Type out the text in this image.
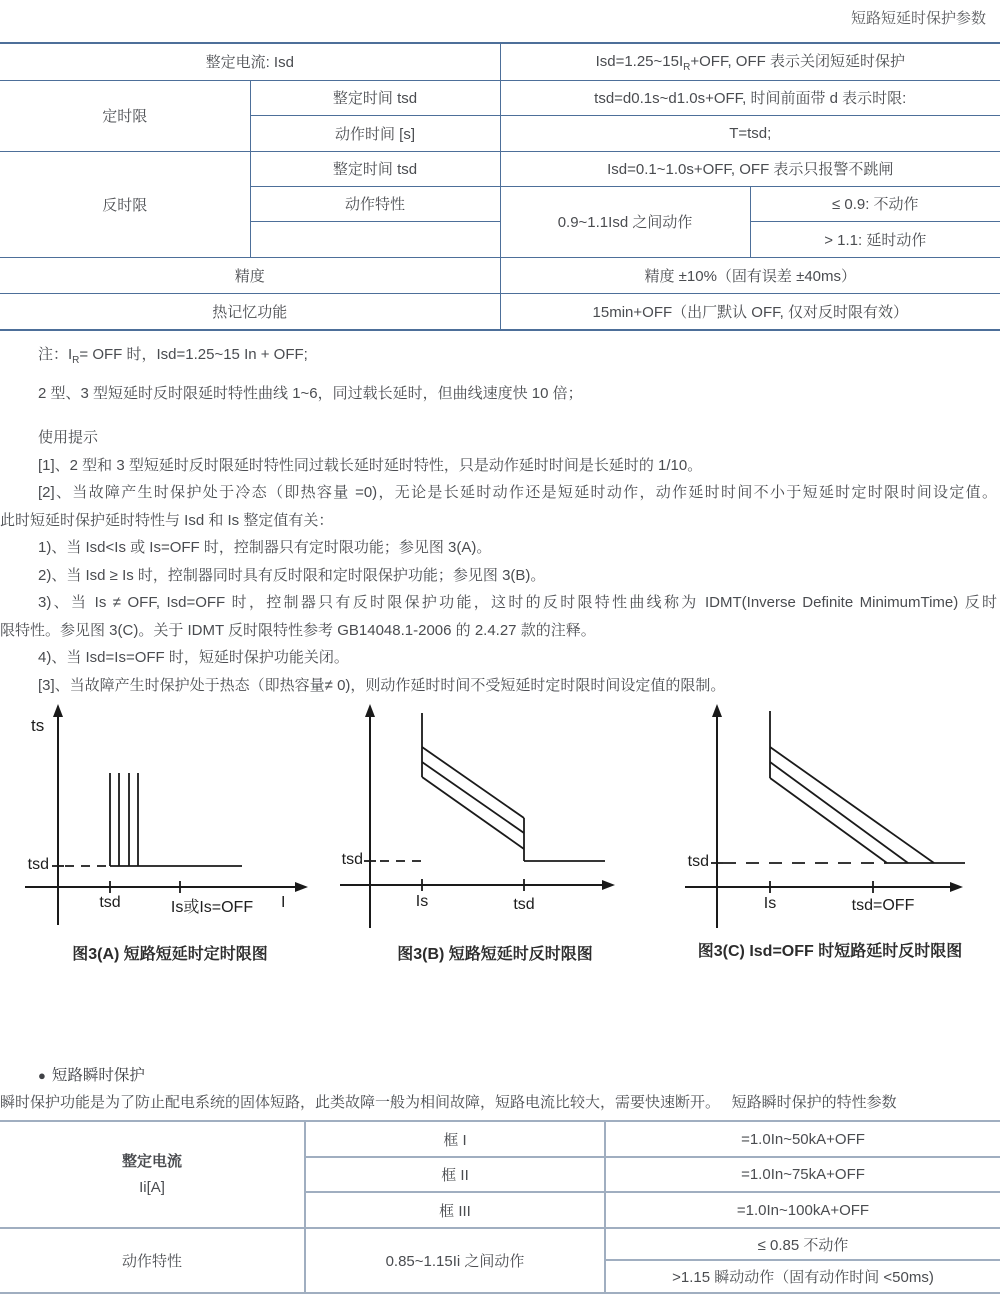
短路短延时保护参数
整定电流: Isd		$Isd=1.25\sim 15I_R+OFF$, OFF 表示关闭短延时保护	
定时限	整定时间 tsd	tsd=d0.1s~d1.0s+OFF, 时间前面带 d 表示时限:	
	动作时间 [s]	T=tsd;	
反时限	整定时间 tsd	Isd=0.1~1.0s+OFF, OFF 表示只报警不跳闸	
	动作特性	0.9~1.1Isd 之间动作	≤ 0.9: 不动作
			> 1.1: 延时动作
精度		精度 ±10%（固有误差 ±40ms）	
热记忆功能		15min+OFF（出厂默认 OFF, 仅对反时限有效）	
注：$I_R=$ OFF 时，Isd=1.25~15 In + OFF;
2 型、3 型短延时反时限延时特性曲线 1~6，同过载长延时，但曲线速度快 10 倍；
使用提示
[1]、2 型和 3 型短延时反时限延时特性同过载长延时延时特性，只是动作延时时间是长延时的 1/10。
[2]、当故障产生时保护处于冷态（即热容量 =0)，无论是长延时动作还是短延时动作，动作延时时间不小于短延时定时限时间设定值。
此时短延时保护延时特性与 Isd 和 Is 整定值有关：
1)、当 Isd<Is 或 Is=OFF 时，控制器只有定时限功能；参见图 3(A)。
2)、当 Isd ≥ Is 时，控制器同时具有反时限和定时限保护功能；参见图 3(B)。
3)、当 Is ≠ OFF, Isd=OFF 时，控制器只有反时限保护功能，这时的反时限特性曲线称为 IDMT(Inverse Definite MinimumTime) 反时
限特性。参见图 3(C)。关于 IDMT 反时限特性参考 GB14048.1-2006 的 2.4.27 款的注释。
4)、当 Isd=Is=OFF 时，短延时保护功能关闭。
[3]、当故障产生时保护处于热态（即热容量≠ 0)，则动作延时时间不受短延时定时限时间设定值的限制。
ts
tsd
tsd	Is或Is=OFF	I
图3(A) 短路短延时定时限图
tsd
Is	tsd
图3(B) 短路短延时反时限图
tsd
Is	tsd=OFF
图3(C) Isd=OFF 时短路延时反时限图
● 短路瞬时保护
瞬时保护功能是为了防止配电系统的固体短路，此类故障一般为相间故障，短路电流比较大，需要快速断开。　 短路瞬时保护的特性参数
整定电流
Ii[A]	框 I	=1.0In~50kA+OFF
	框 II	=1.0In~75kA+OFF
	框 III	=1.0In~100kA+OFF
动作特性	0.85~1.15Ii 之间动作	≤ 0.85 不动作
		>1.15 瞬动动作（固有动作时间 <50ms)
